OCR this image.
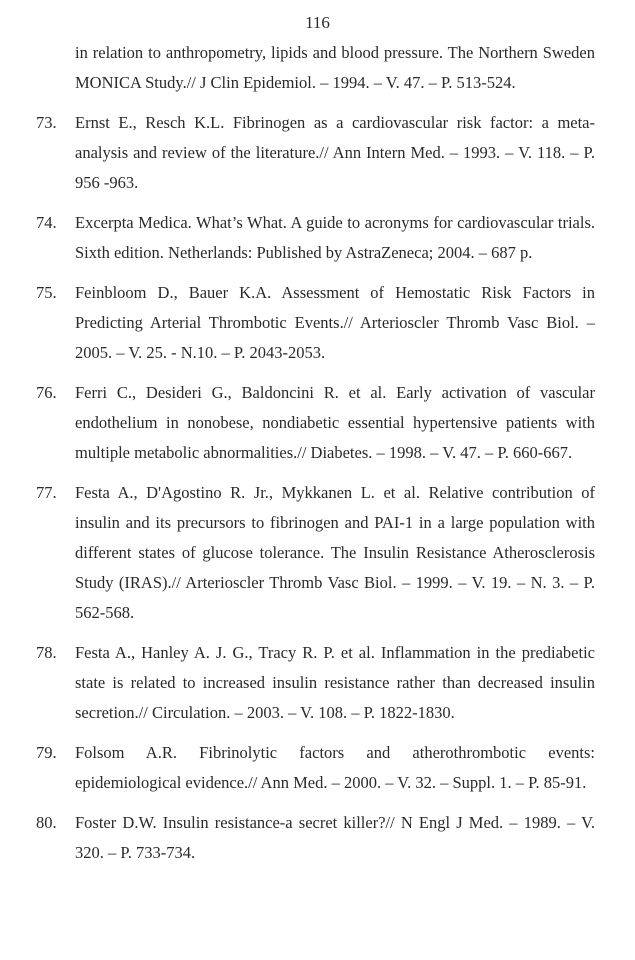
116
in relation to anthropometry, lipids and blood pressure. The Northern Sweden MONICA Study.// J Clin Epidemiol. – 1994. – V. 47. – P. 513-524.
73. Ernst E., Resch K.L. Fibrinogen as a cardiovascular risk factor: a meta-analysis and review of the literature.// Ann Intern Med. – 1993. – V. 118. – P. 956 -963.
74. Excerpta Medica. What’s What. A guide to acronyms for cardiovascular trials. Sixth edition. Netherlands: Published by AstraZeneca; 2004. – 687 p.
75. Feinbloom D., Bauer K.A. Assessment of Hemostatic Risk Factors in Predicting Arterial Thrombotic Events.// Arterioscler Thromb Vasc Biol. – 2005. – V. 25. - N.10. – P. 2043-2053.
76. Ferri C., Desideri G., Baldoncini R. et al. Early activation of vascular endothelium in nonobese, nondiabetic essential hypertensive patients with multiple metabolic abnormalities.// Diabetes. – 1998. – V. 47. – P. 660-667.
77. Festa A., D'Agostino R. Jr., Mykkanen L. et al. Relative contribution of insulin and its precursors to fibrinogen and PAI-1 in a large population with different states of glucose tolerance. The Insulin Resistance Atherosclerosis Study (IRAS).// Arterioscler Thromb Vasc Biol. – 1999. – V. 19. – N. 3. – P. 562-568.
78. Festa A., Hanley A. J. G., Tracy R. P. et al. Inflammation in the prediabetic state is related to increased insulin resistance rather than decreased insulin secretion.// Circulation. – 2003. – V. 108. – P. 1822-1830.
79. Folsom A.R. Fibrinolytic factors and atherothrombotic events: epidemiological evidence.// Ann Med. – 2000. – V. 32. – Suppl. 1. – P. 85-91.
80. Foster D.W. Insulin resistance-a secret killer?// N Engl J Med. – 1989. – V. 320. – P. 733-734.
